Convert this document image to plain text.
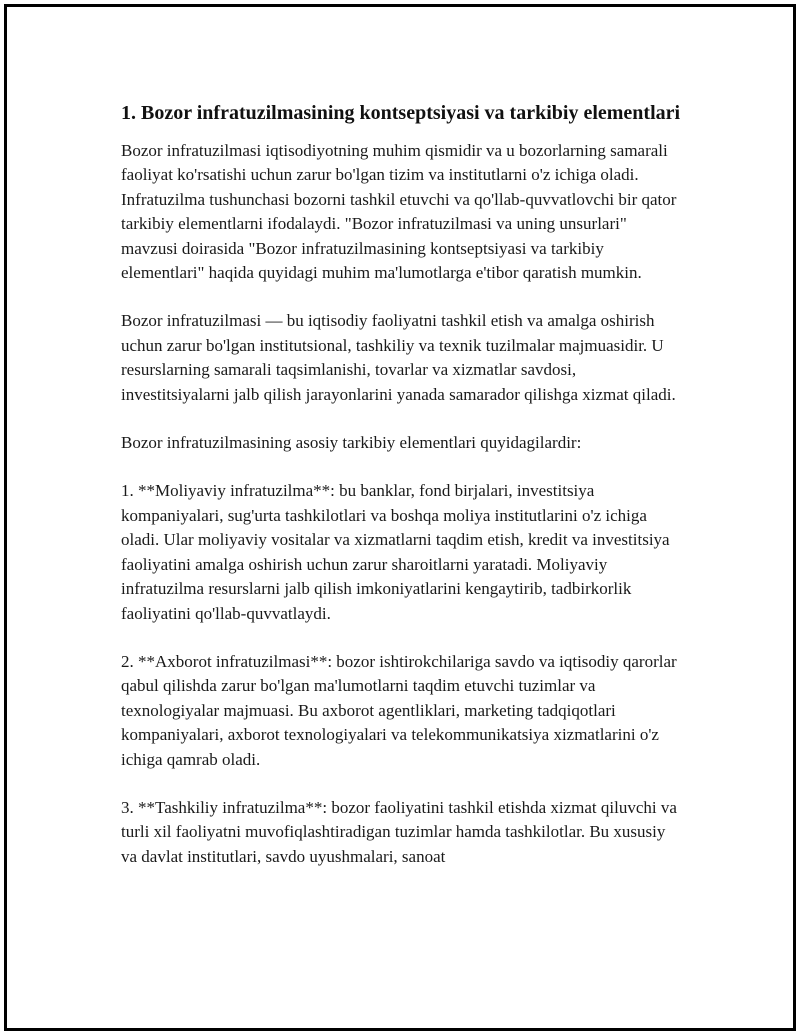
1. Bozor infratuzilmasining kontseptsiyasi va tarkibiy elementlari

Bozor infratuzilmasi iqtisodiyotning muhim qismidir va u bozorlarning samarali faoliyat ko'rsatishi uchun zarur bo'lgan tizim va institutlarni o'z ichiga oladi. Infratuzilma tushunchasi bozorni tashkil etuvchi va qo'llab-quvvatlovchi bir qator tarkibiy elementlarni ifodalaydi. "Bozor infratuzilmasi va uning unsurlari" mavzusi doirasida "Bozor infratuzilmasining kontseptsiyasi va tarkibiy elementlari" haqida quyidagi muhim ma'lumotlarga e'tibor qaratish mumkin.

Bozor infratuzilmasi — bu iqtisodiy faoliyatni tashkil etish va amalga oshirish uchun zarur bo'lgan institutsional, tashkiliy va texnik tuzilmalar majmuasidir. U resurslarning samarali taqsimlanishi, tovarlar va xizmatlar savdosi, investitsiyalarni jalb qilish jarayonlarini yanada samarador qilishga xizmat qiladi.

Bozor infratuzilmasining asosiy tarkibiy elementlari quyidagilardir:

1. **Moliyaviy infratuzilma**: bu banklar, fond birjalari, investitsiya kompaniyalari, sug'urta tashkilotlari va boshqa moliya institutlarini o'z ichiga oladi. Ular moliyaviy vositalar va xizmatlarni taqdim etish, kredit va investitsiya faoliyatini amalga oshirish uchun zarur sharoitlarni yaratadi. Moliyaviy infratuzilma resurslarni jalb qilish imkoniyatlarini kengaytirib, tadbirkorlik faoliyatini qo'llab-quvvatlaydi.

2. **Axborot infratuzilmasi**: bozor ishtirokchilariga savdo va iqtisodiy qarorlar qabul qilishda zarur bo'lgan ma'lumotlarni taqdim etuvchi tuzimlar va texnologiyalar majmuasi. Bu axborot agentliklari, marketing tadqiqotlari kompaniyalari, axborot texnologiyalari va telekommunikatsiya xizmatlarini o'z ichiga qamrab oladi.

3. **Tashkiliy infratuzilma**: bozor faoliyatini tashkil etishda xizmat qiluvchi va turli xil faoliyatni muvofiqlashtiradigan tuzimlar hamda tashkilotlar. Bu xususiy va davlat institutlari, savdo uyushmalari, sanoat
